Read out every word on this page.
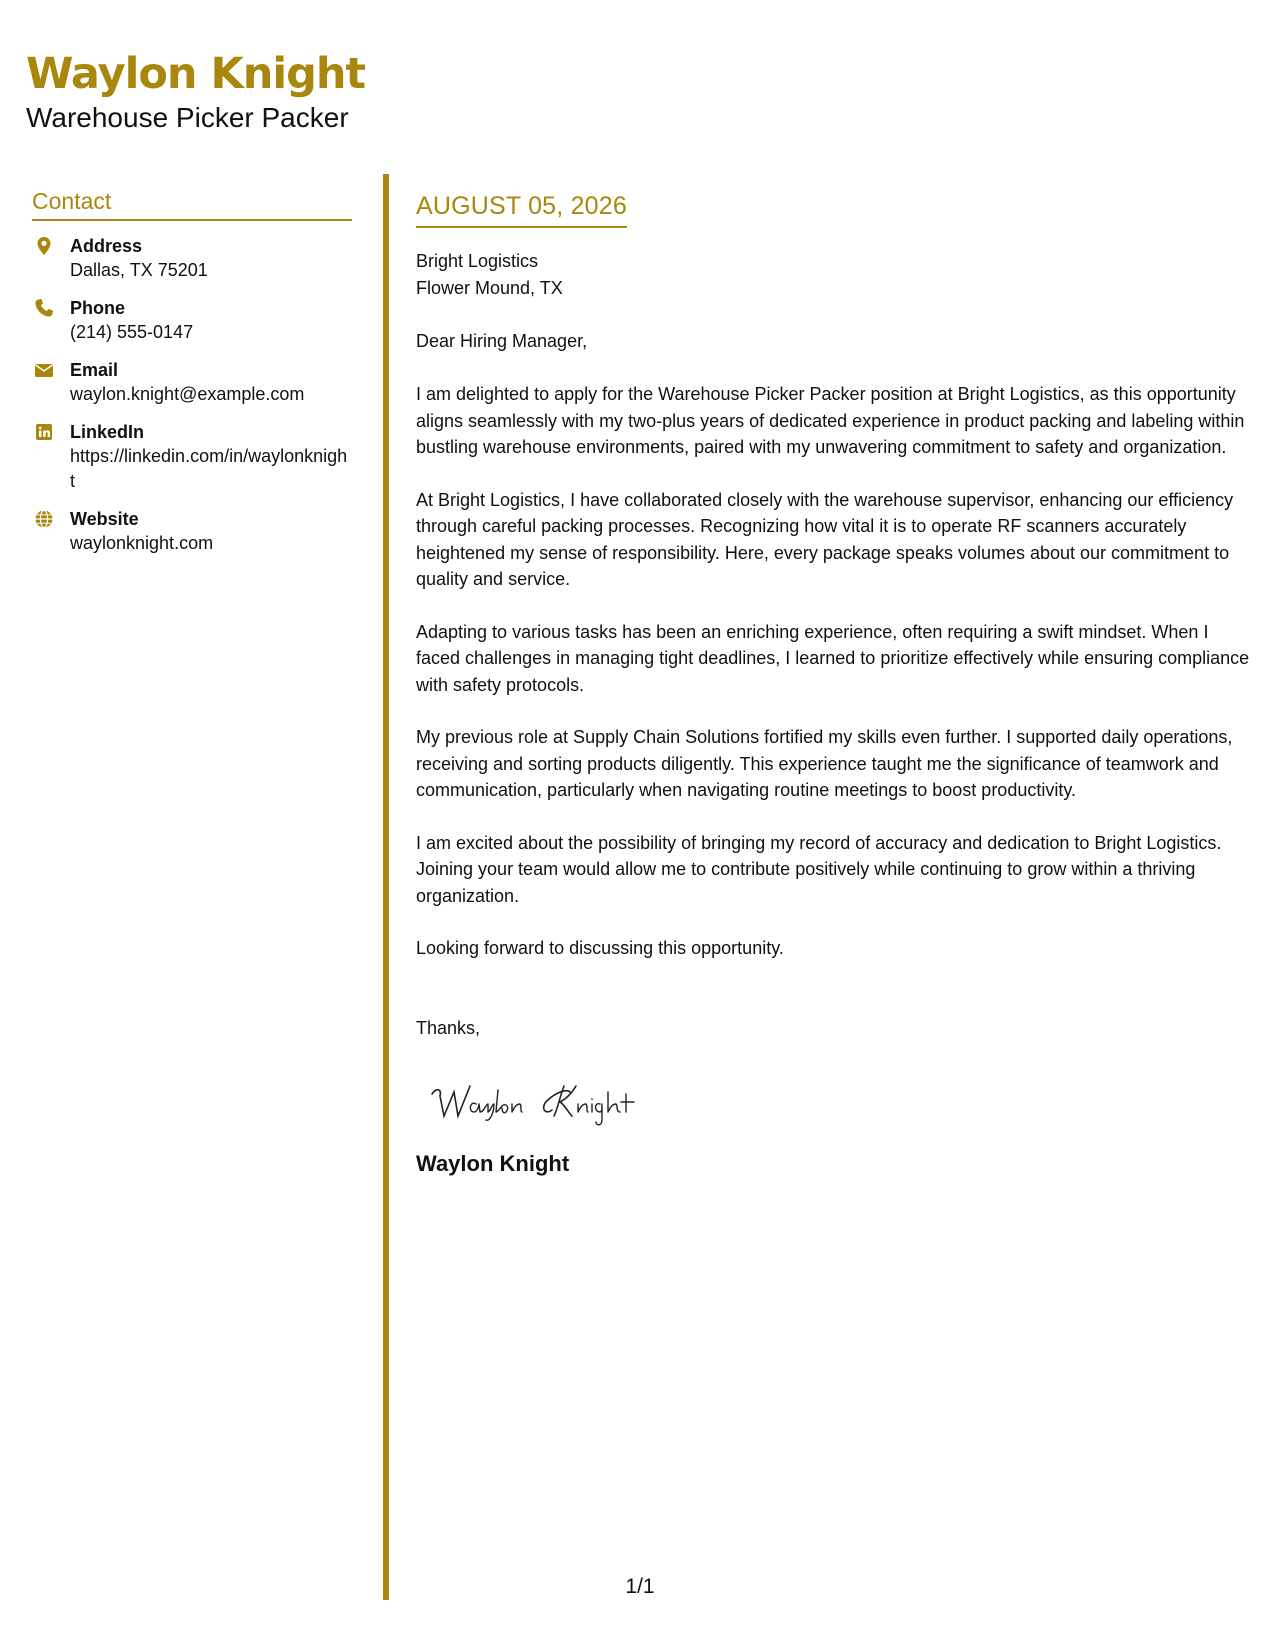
Waylon Knight
Warehouse Picker Packer
Contact
Address
Dallas, TX 75201
Phone
(214) 555-0147
Email
waylon.knight@example.com
LinkedIn
https://linkedin.com/in/waylonknight
Website
waylonknight.com
AUGUST 05, 2026
Bright Logistics
Flower Mound, TX
Dear Hiring Manager,
I am delighted to apply for the Warehouse Picker Packer position at Bright Logistics, as this opportunity aligns seamlessly with my two-plus years of dedicated experience in product packing and labeling within bustling warehouse environments, paired with my unwavering commitment to safety and organization.
At Bright Logistics, I have collaborated closely with the warehouse supervisor, enhancing our efficiency through careful packing processes. Recognizing how vital it is to operate RF scanners accurately heightened my sense of responsibility. Here, every package speaks volumes about our commitment to quality and service.
Adapting to various tasks has been an enriching experience, often requiring a swift mindset. When I faced challenges in managing tight deadlines, I learned to prioritize effectively while ensuring compliance with safety protocols.
My previous role at Supply Chain Solutions fortified my skills even further. I supported daily operations, receiving and sorting products diligently. This experience taught me the significance of teamwork and communication, particularly when navigating routine meetings to boost productivity.
I am excited about the possibility of bringing my record of accuracy and dedication to Bright Logistics. Joining your team would allow me to contribute positively while continuing to grow within a thriving organization.
Looking forward to discussing this opportunity.
Thanks,
Waylon Knight
1/1
